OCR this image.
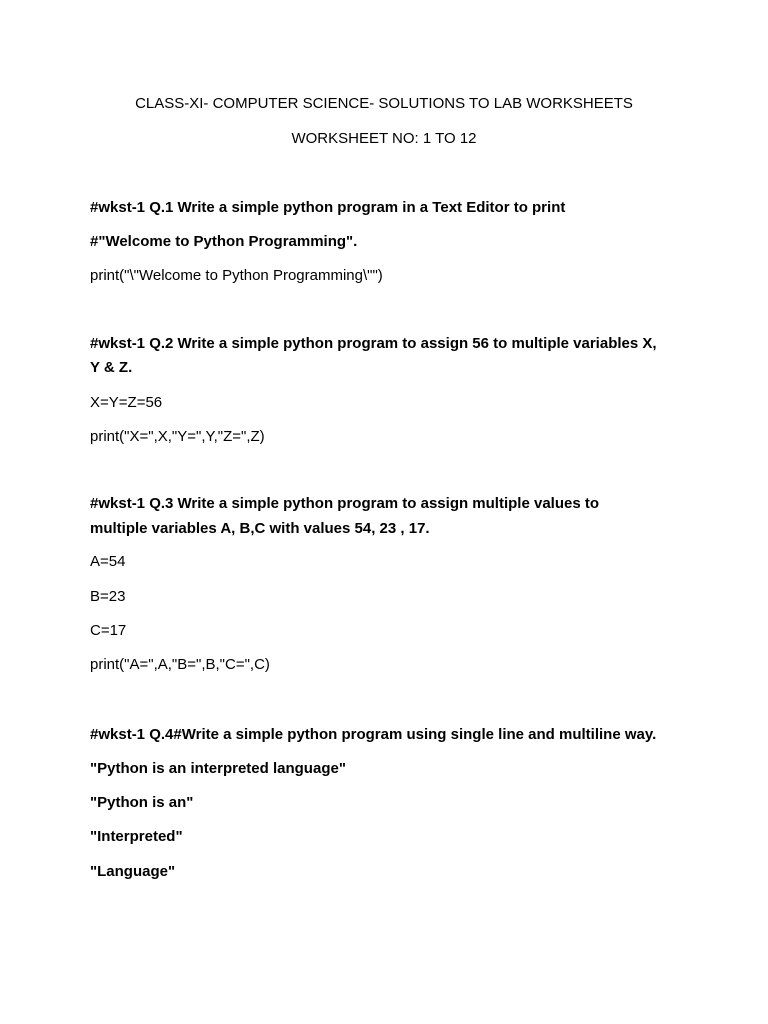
CLASS-XI- COMPUTER SCIENCE- SOLUTIONS TO LAB WORKSHEETS
WORKSHEET NO: 1 TO 12
#wkst-1 Q.1 Write a simple python program in a Text Editor to print
#"Welcome to Python Programming".
print("\"Welcome to Python Programming\"")
#wkst-1 Q.2 Write a simple python program to assign 56 to multiple variables X,
Y & Z.
X=Y=Z=56
print("X=",X,"Y=",Y,"Z=",Z)
#wkst-1 Q.3 Write a simple python program to assign multiple values to
multiple variables A, B,C with values 54, 23 , 17.
A=54
B=23
C=17
print("A=",A,"B=",B,"C=",C)
#wkst-1 Q.4#Write a simple python program using single line and multiline way.
"Python is an interpreted language"
"Python is an"
"Interpreted"
"Language"
